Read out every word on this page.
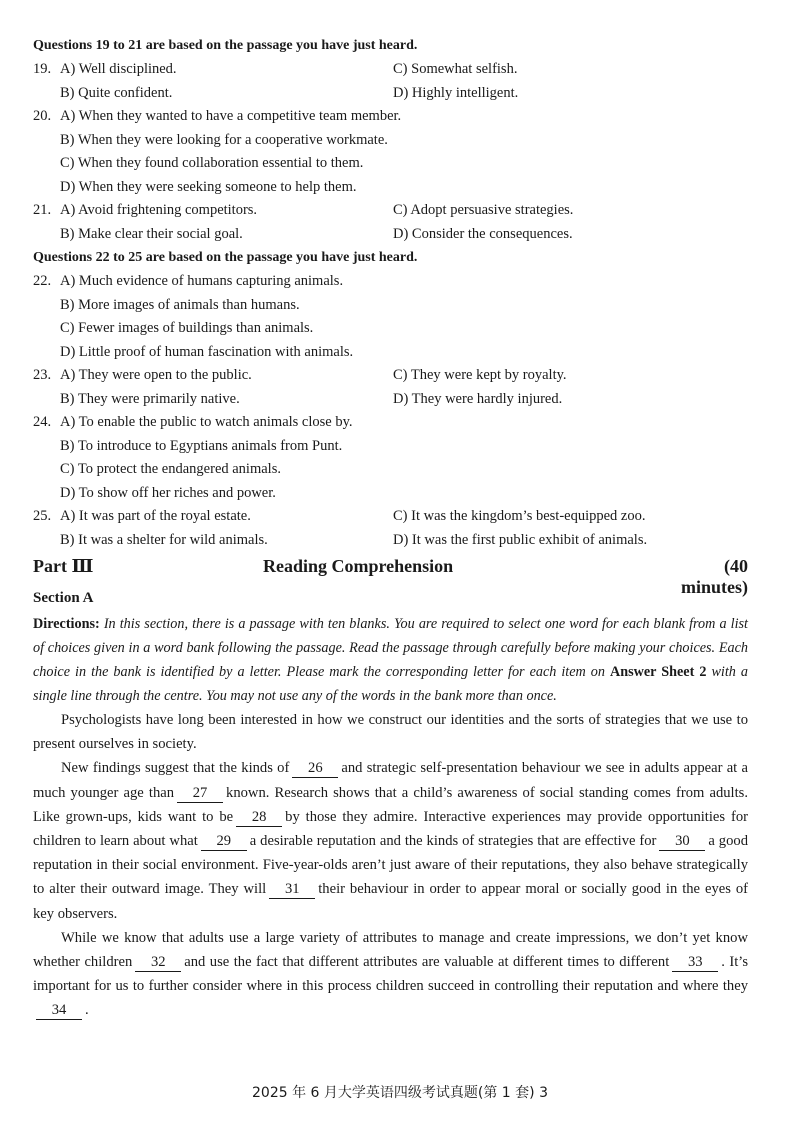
Questions 19 to 21 are based on the passage you have just heard.
19. A) Well disciplined.	C) Somewhat selfish.
B) Quite confident.	D) Highly intelligent.
20. A) When they wanted to have a competitive team member.
B) When they were looking for a cooperative workmate.
C) When they found collaboration essential to them.
D) When they were seeking someone to help them.
21. A) Avoid frightening competitors.	C) Adopt persuasive strategies.
B) Make clear their social goal.	D) Consider the consequences.
Questions 22 to 25 are based on the passage you have just heard.
22. A) Much evidence of humans capturing animals.
B) More images of animals than humans.
C) Fewer images of buildings than animals.
D) Little proof of human fascination with animals.
23. A) They were open to the public.	C) They were kept by royalty.
B) They were primarily native.	D) They were hardly injured.
24. A) To enable the public to watch animals close by.
B) To introduce to Egyptians animals from Punt.
C) To protect the endangered animals.
D) To show off her riches and power.
25. A) It was part of the royal estate.	C) It was the kingdom’s best-equipped zoo.
B) It was a shelter for wild animals.	D) It was the first public exhibit of animals.
Part Ⅲ	Reading Comprehension	(40 minutes)
Section A
Directions: In this section, there is a passage with ten blanks. You are required to select one word for each blank from a list of choices given in a word bank following the passage. Read the passage through carefully before making your choices. Each choice in the bank is identified by a letter. Please mark the corresponding letter for each item on Answer Sheet 2 with a single line through the centre. You may not use any of the words in the bank more than once.

Psychologists have long been interested in how we construct our identities and the sorts of strategies that we use to present ourselves in society.

New findings suggest that the kinds of 26 and strategic self-presentation behaviour we see in adults appear at a much younger age than 27 known. Research shows that a child’s awareness of social standing comes from adults. Like grown-ups, kids want to be 28 by those they admire. Interactive experiences may provide opportunities for children to learn about what 29 a desirable reputation and the kinds of strategies that are effective for 30 a good reputation in their social environment. Five-year-olds aren’t just aware of their reputations, they also behave strategically to alter their outward image. They will 31 their behaviour in order to appear moral or socially good in the eyes of key observers.

While we know that adults use a large variety of attributes to manage and create impressions, we don’t yet know whether children 32 and use the fact that different attributes are valuable at different times to different 33 . It’s important for us to further consider where in this process children succeed in controlling their reputation and where they34 .

2025 年 6 月大学英语四级考试真题(第 1 套) 3
